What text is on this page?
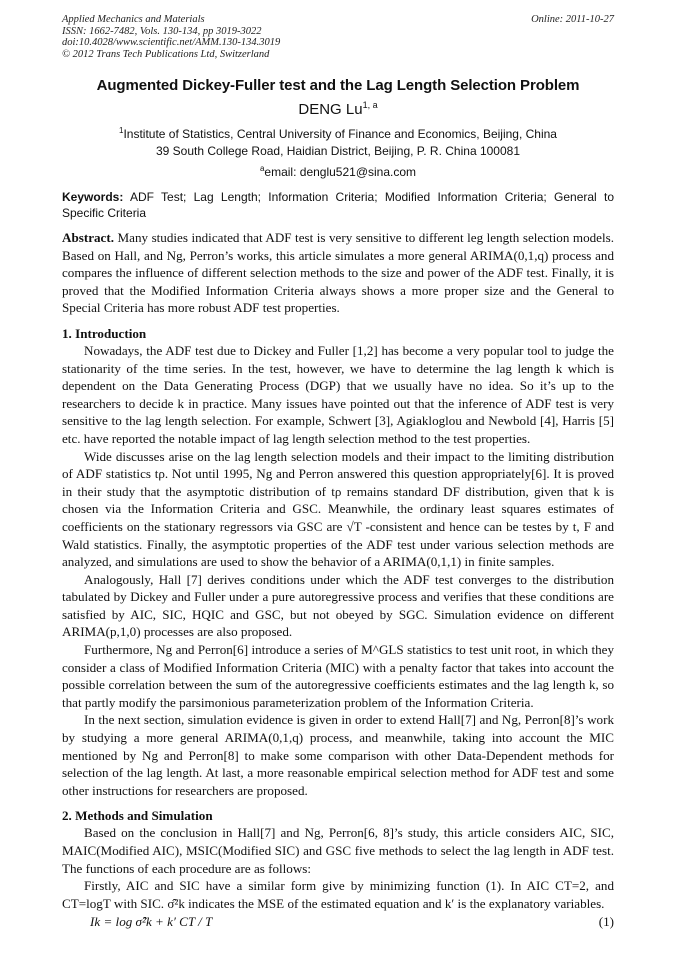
Applied Mechanics and Materials
ISSN: 1662-7482, Vols. 130-134, pp 3019-3022
doi:10.4028/www.scientific.net/AMM.130-134.3019
© 2012 Trans Tech Publications Ltd, Switzerland
Online: 2011-10-27
Augmented Dickey-Fuller test and the Lag Length Selection Problem
DENG Lu$^{1, a}$
$^1$Institute of Statistics, Central University of Finance and Economics, Beijing, China
39 South College Road, Haidian District, Beijing, P. R. China 100081
$^a$email: denglu521@sina.com
Keywords: ADF Test; Lag Length; Information Criteria; Modified Information Criteria; General to Specific Criteria
Abstract. Many studies indicated that ADF test is very sensitive to different leg length selection models. Based on Hall, and Ng, Perron’s works, this article simulates a more general ARIMA(0,1,q) process and compares the influence of different selection methods to the size and power of the ADF test. Finally, it is proved that the Modified Information Criteria always shows a more proper size and the General to Special Criteria has more robust ADF test properties.
1. Introduction

Nowadays, the ADF test due to Dickey and Fuller [1,2] has become a very popular tool to judge the stationarity of the time series. In the test, however, we have to determine the lag length k which is dependent on the Data Generating Process (DGP) that we usually have no idea. So it’s up to the researchers to decide k in practice. Many issues have pointed out that the inference of ADF test is very sensitive to the lag length selection. For example, Schwert [3], Agiakloglou and Newbold [4], Harris [5] etc. have reported the notable impact of lag length selection method to the test properties.

Wide discusses arise on the lag length selection models and their impact to the limiting distribution of ADF statistics tρ. Not until 1995, Ng and Perron answered this question appropriately[6]. It is proved in their study that the asymptotic distribution of tρ remains standard DF distribution, given that k is chosen via the Information Criteria and GSC. Meanwhile, the ordinary least squares estimates of coefficients on the stationary regressors via GSC are √T -consistent and hence can be testes by t, F and Wald statistics. Finally, the asymptotic properties of the ADF test under various selection methods are analyzed, and simulations are used to show the behavior of a ARIMA(0,1,1) in finite samples.

Analogously, Hall [7] derives conditions under which the ADF test converges to the distribution tabulated by Dickey and Fuller under a pure autoregressive process and verifies that these conditions are satisfied by AIC, SIC, HQIC and GSC, but not obeyed by SGC. Simulation evidence on different ARIMA(p,1,0) processes are also proposed.

Furthermore, Ng and Perron[6] introduce a series of M^GLS statistics to test unit root, in which they consider a class of Modified Information Criteria (MIC) with a penalty factor that takes into account the possible correlation between the sum of the autoregressive coefficients estimates and the lag length k, so that partly modify the parsimonious parameterization problem of the Information Criteria.

In the next section, simulation evidence is given in order to extend Hall[7] and Ng, Perron[8]’s work by studying a more general ARIMA(0,1,q) process, and meanwhile, taking into account the MIC mentioned by Ng and Perron[8] to make some comparison with other Data-Dependent methods for selection of the lag length. At last, a more reasonable empirical selection method for ADF test and some other instructions for researchers are proposed.

2. Methods and Simulation

Based on the conclusion in Hall[7] and Ng, Perron[6, 8]’s study, this article considers AIC, SIC, MAIC(Modified AIC), MSIC(Modified SIC) and GSC five methods to select the lag length in ADF test. The functions of each procedure are as follows:

Firstly, AIC and SIC have a similar form give by minimizing function (1). In AIC CT=2, and CT=logT with SIC. σ̂²k indicates the MSE of the estimated equation and k′ is the explanatory variables.

Ik = log σ̂²k + k′ CT / T	(1)
